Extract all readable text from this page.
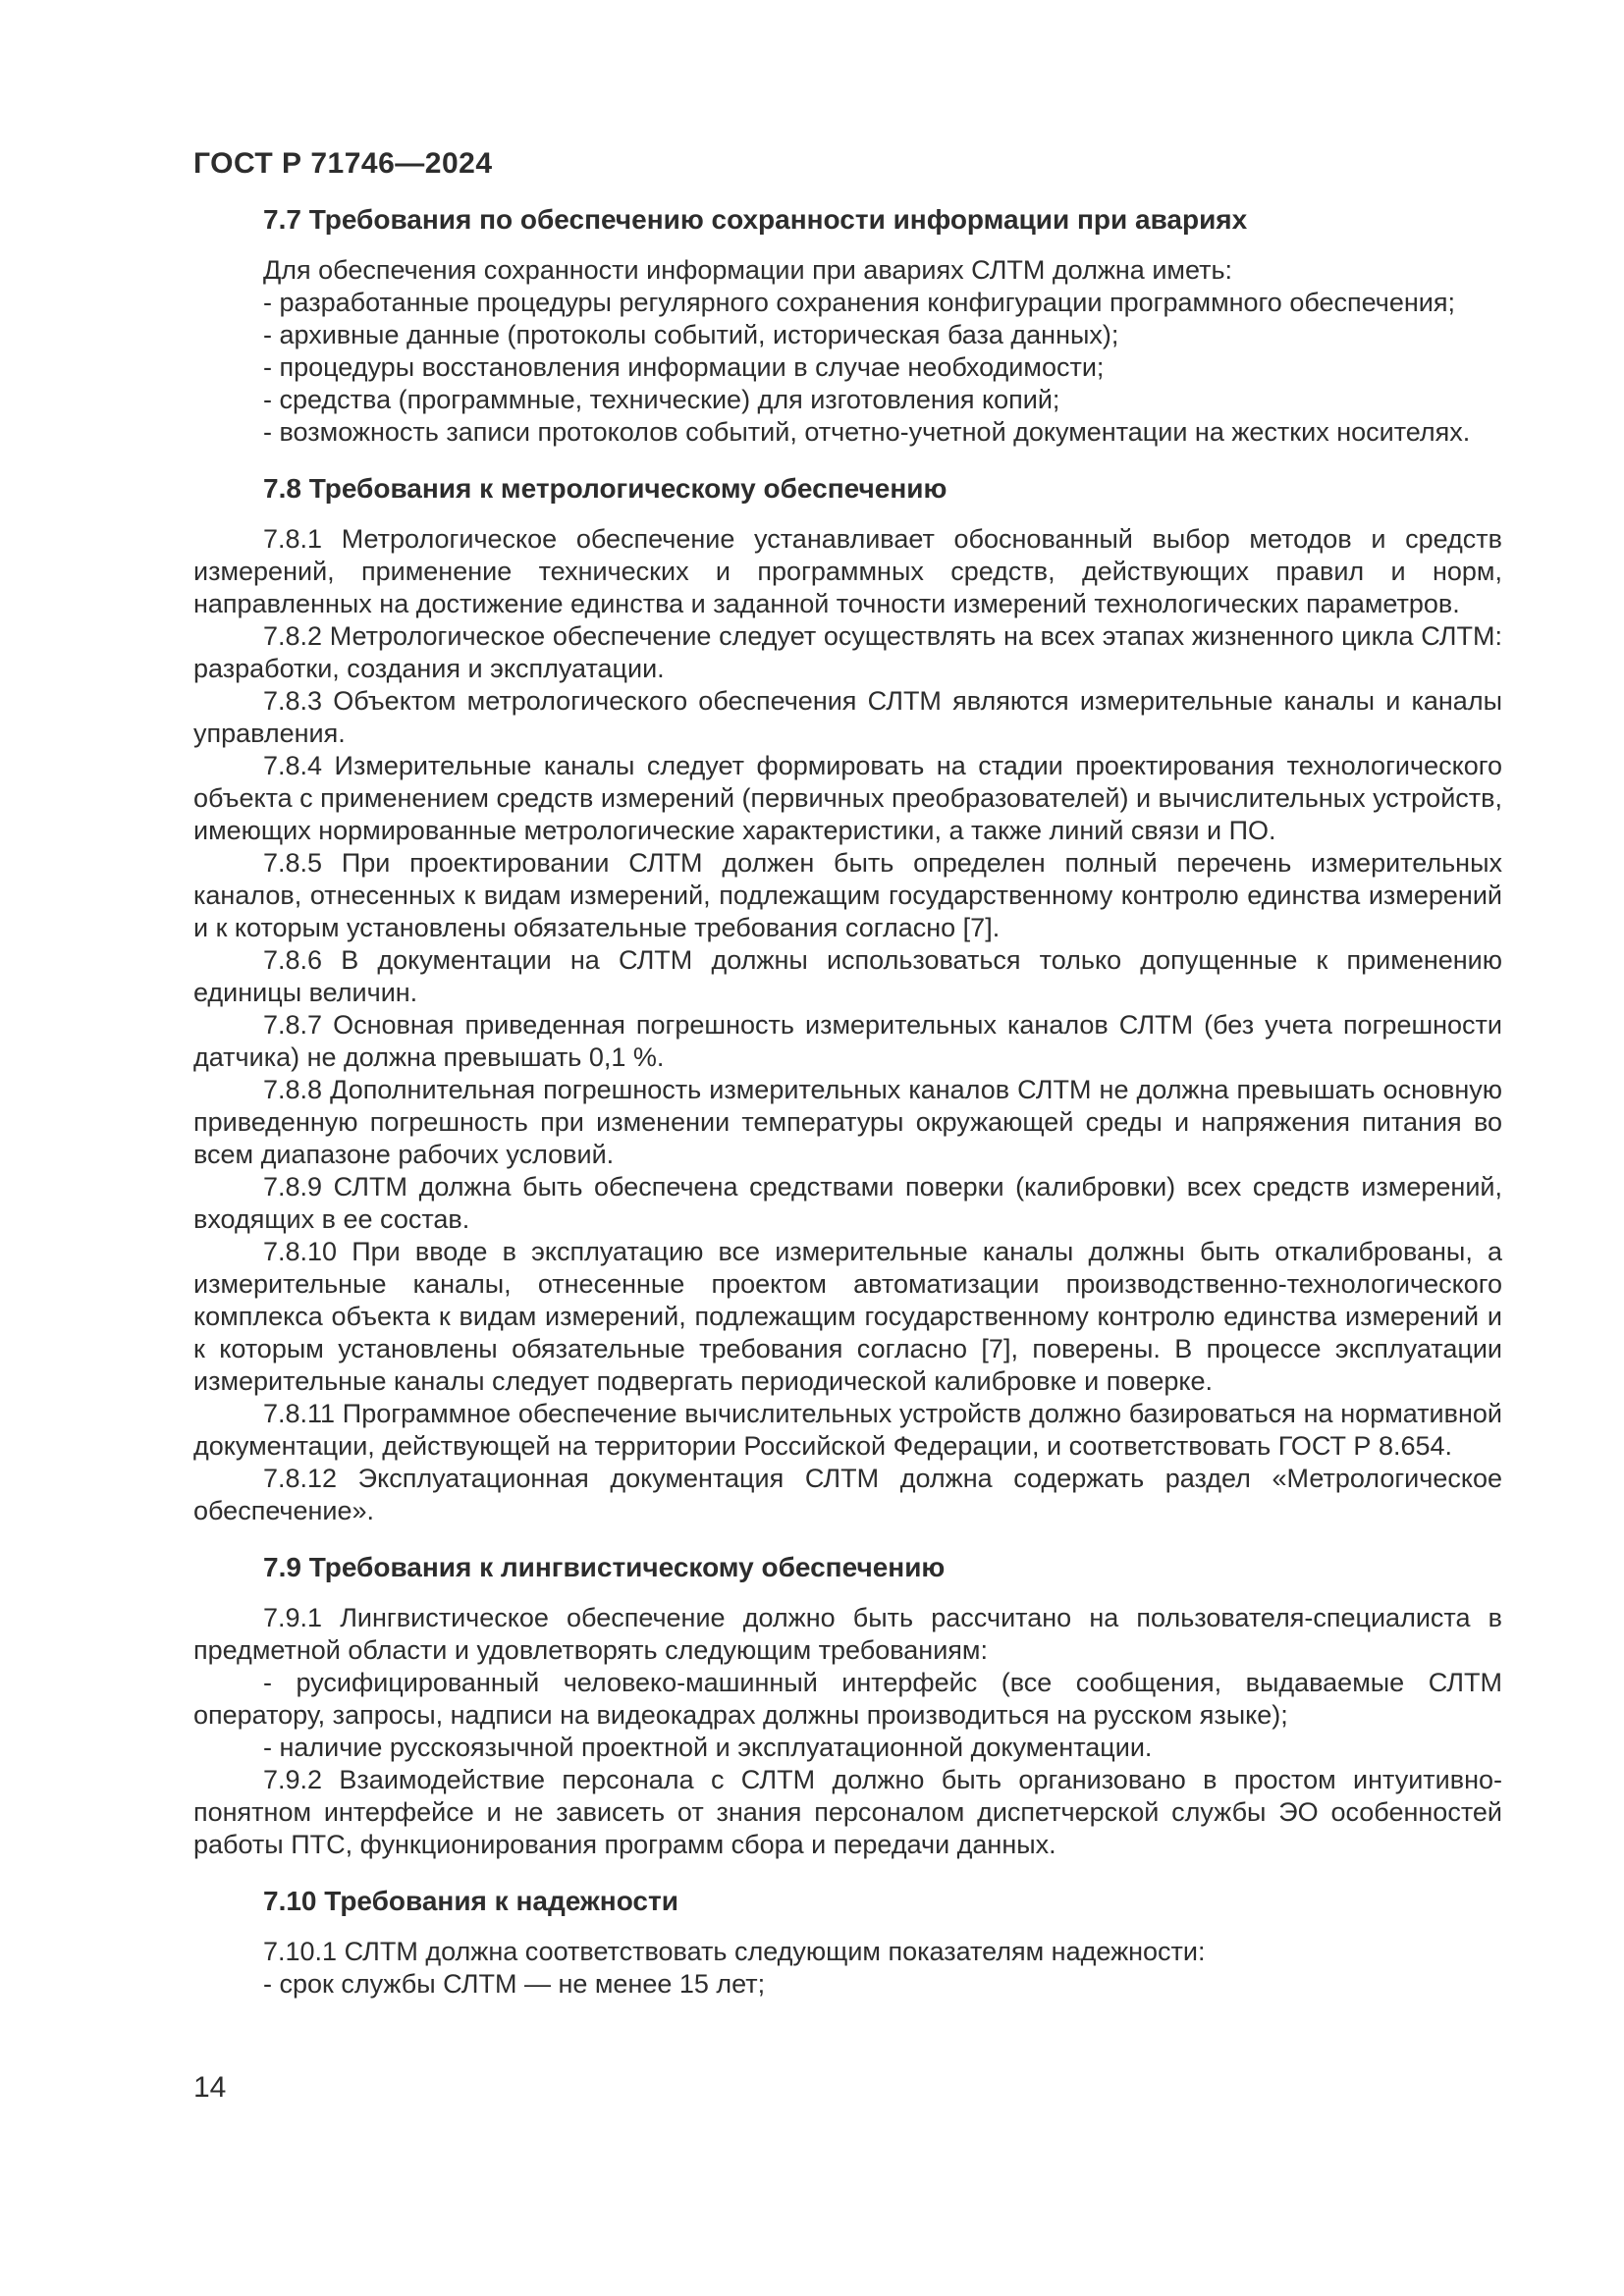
ГОСТ Р 71746—2024
7.7 Требования по обеспечению сохранности информации при авариях

Для обеспечения сохранности информации при авариях СЛТМ должна иметь:

- разработанные процедуры регулярного сохранения конфигурации программного обеспечения;

- архивные данные (протоколы событий, историческая база данных);

- процедуры восстановления информации в случае необходимости;

- средства (программные, технические) для изготовления копий;

- возможность записи протоколов событий, отчетно-учетной документации на жестких носителях.

7.8 Требования к метрологическому обеспечению

7.8.1 Метрологическое обеспечение устанавливает обоснованный выбор методов и средств измерений, применение технических и программных средств, действующих правил и норм, направленных на достижение единства и заданной точности измерений технологических параметров.

7.8.2 Метрологическое обеспечение следует осуществлять на всех этапах жизненного цикла СЛТМ: разработки, создания и эксплуатации.

7.8.3 Объектом метрологического обеспечения СЛТМ являются измерительные каналы и каналы управления.

7.8.4 Измерительные каналы следует формировать на стадии проектирования технологического объекта с применением средств измерений (первичных преобразователей) и вычислительных устройств, имеющих нормированные метрологические характеристики, а также линий связи и ПО.

7.8.5 При проектировании СЛТМ должен быть определен полный перечень измерительных каналов, отнесенных к видам измерений, подлежащим государственному контролю единства измерений и к которым установлены обязательные требования согласно [7].

7.8.6 В документации на СЛТМ должны использоваться только допущенные к применению единицы величин.

7.8.7 Основная приведенная погрешность измерительных каналов СЛТМ (без учета погрешности датчика) не должна превышать 0,1 %.

7.8.8 Дополнительная погрешность измерительных каналов СЛТМ не должна превышать основную приведенную погрешность при изменении температуры окружающей среды и напряжения питания во всем диапазоне рабочих условий.

7.8.9 СЛТМ должна быть обеспечена средствами поверки (калибровки) всех средств измерений, входящих в ее состав.

7.8.10 При вводе в эксплуатацию все измерительные каналы должны быть откалиброваны, а измерительные каналы, отнесенные проектом автоматизации производственно-технологического комплекса объекта к видам измерений, подлежащим государственному контролю единства измерений и к которым установлены обязательные требования согласно [7], поверены. В процессе эксплуатации измерительные каналы следует подвергать периодической калибровке и поверке.

7.8.11 Программное обеспечение вычислительных устройств должно базироваться на нормативной документации, действующей на территории Российской Федерации, и соответствовать ГОСТ Р 8.654.

7.8.12 Эксплуатационная документация СЛТМ должна содержать раздел «Метрологическое обеспечение».

7.9 Требования к лингвистическому обеспечению

7.9.1 Лингвистическое обеспечение должно быть рассчитано на пользователя-специалиста в предметной области и удовлетворять следующим требованиям:

- русифицированный человеко-машинный интерфейс (все сообщения, выдаваемые СЛТМ оператору, запросы, надписи на видеокадрах должны производиться на русском языке);

- наличие русскоязычной проектной и эксплуатационной документации.

7.9.2 Взаимодействие персонала с СЛТМ должно быть организовано в простом интуитивно-понятном интерфейсе и не зависеть от знания персоналом диспетчерской службы ЭО особенностей работы ПТС, функционирования программ сбора и передачи данных.

7.10 Требования к надежности

7.10.1 СЛТМ должна соответствовать следующим показателям надежности:

- срок службы СЛТМ — не менее 15 лет;

14
